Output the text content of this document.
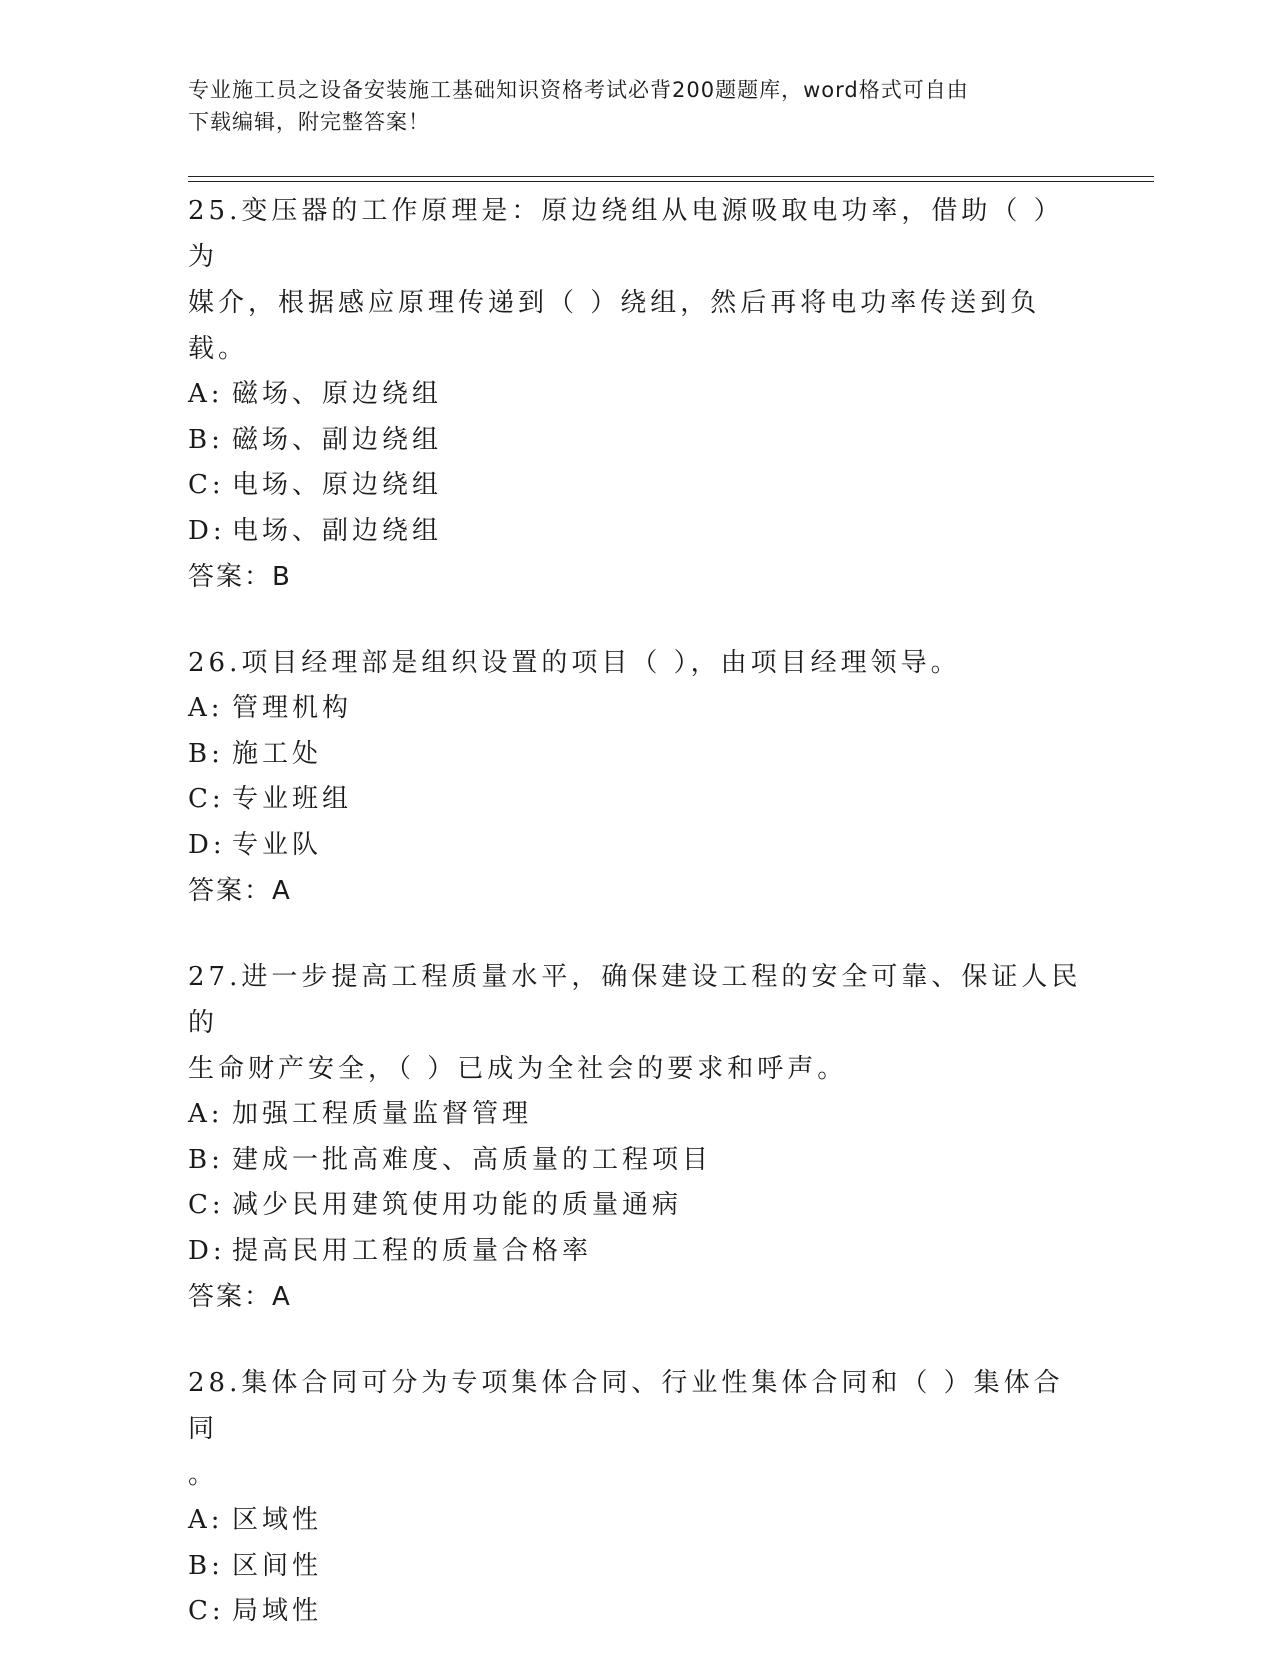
专业施工员之设备安装施工基础知识资格考试必背200题题库，word格式可自由
下载编辑，附完整答案！

25.变压器的工作原理是：原边绕组从电源吸取电功率，借助（ ）为

媒介，根据感应原理传递到（ ）绕组，然后再将电功率传送到负载。

A: 磁场、原边绕组

B: 磁场、副边绕组

C: 电场、原边绕组

D: 电场、副边绕组

答案：B

26.项目经理部是组织设置的项目（ ），由项目经理领导。

A: 管理机构

B: 施工处

C: 专业班组

D: 专业队

答案：A

27.进一步提高工程质量水平，确保建设工程的安全可靠、保证人民的

生命财产安全，（ ）已成为全社会的要求和呼声。

A: 加强工程质量监督管理

B: 建成一批高难度、高质量的工程项目

C: 减少民用建筑使用功能的质量通病

D: 提高民用工程的质量合格率

答案：A

28.集体合同可分为专项集体合同、行业性集体合同和（ ）集体合同

。

A: 区域性

B: 区间性

C: 局域性
